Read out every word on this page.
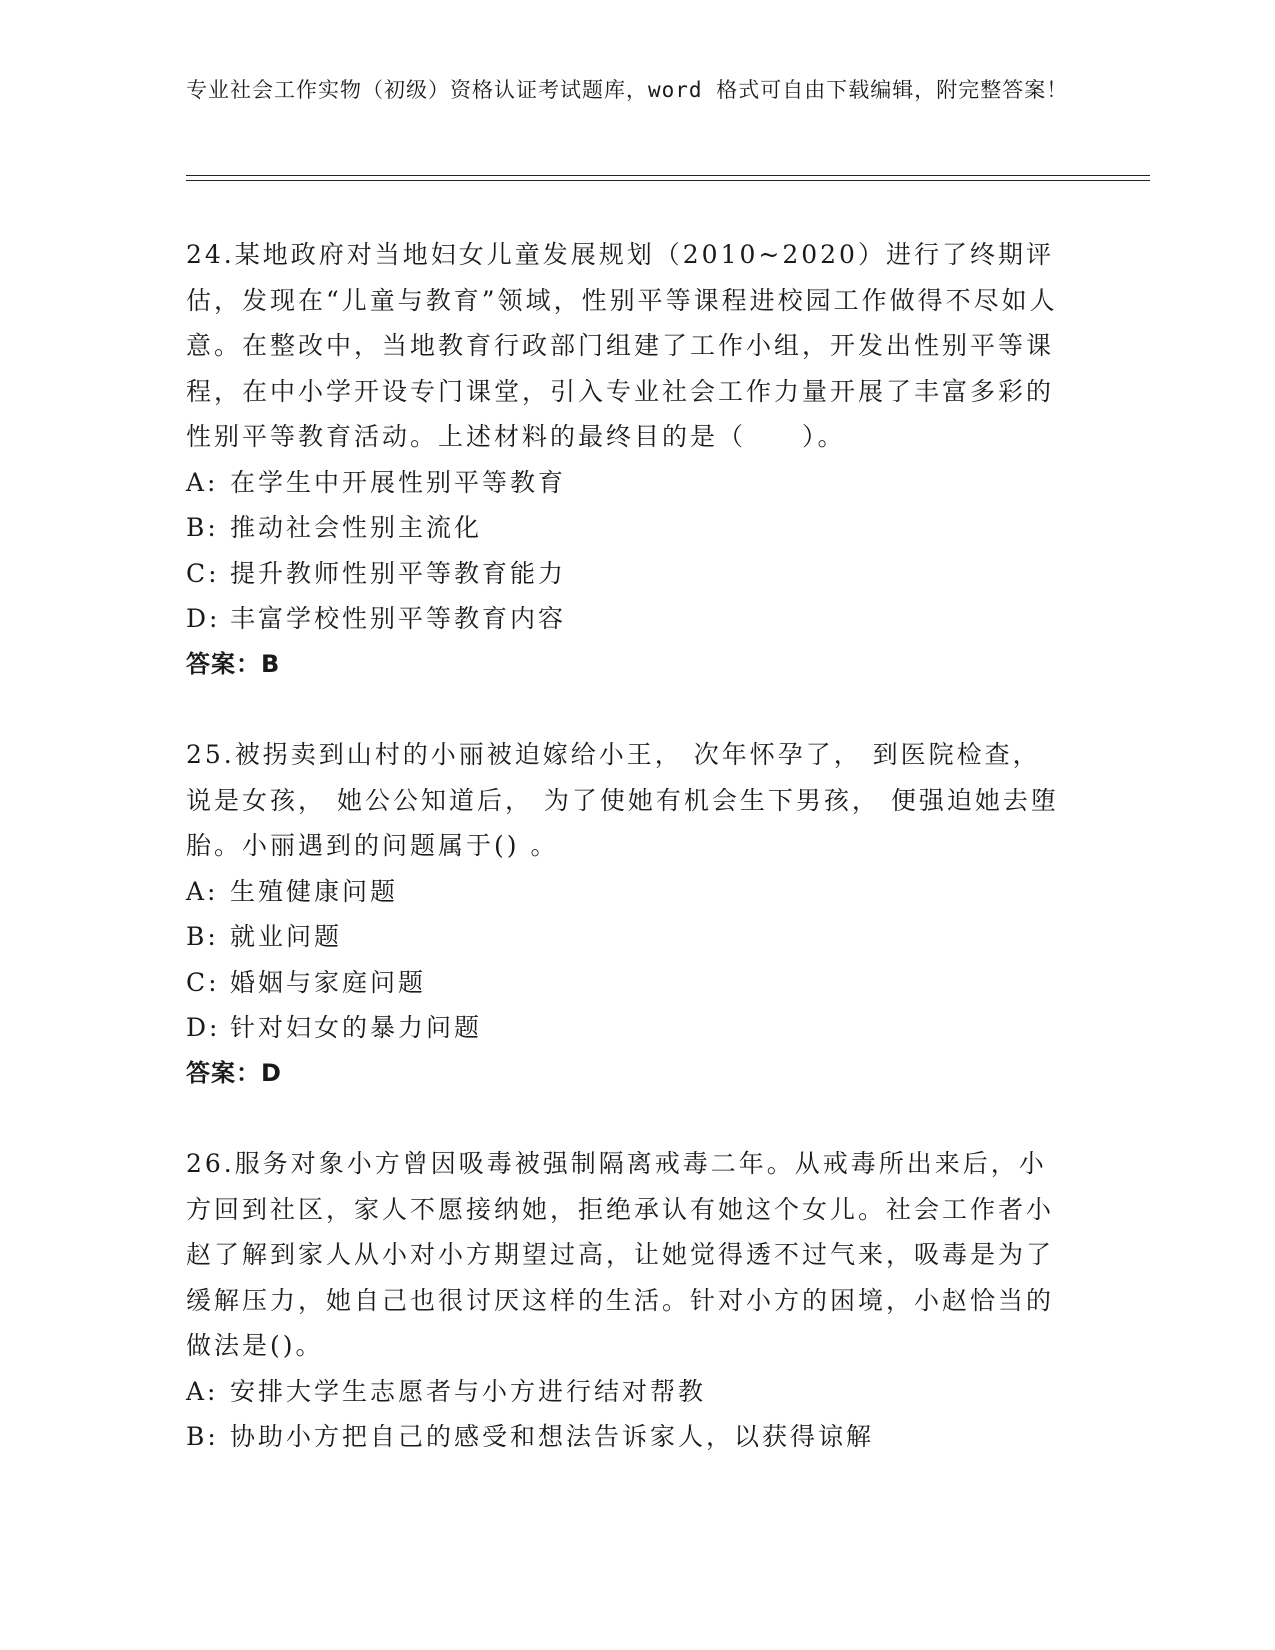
专业社会工作实物（初级）资格认证考试题库，word 格式可自由下载编辑，附完整答案！

24.某地政府对当地妇女儿童发展规划（2010~2020）进行了终期评估，发现在“儿童与教育”领域，性别平等课程进校园工作做得不尽如人意。在整改中，当地教育行政部门组建了工作小组，开发出性别平等课程，在中小学开设专门课堂，引入专业社会工作力量开展了丰富多彩的性别平等教育活动。上述材料的最终目的是（　　）。

A: 在学生中开展性别平等教育
B: 推动社会性别主流化
C: 提升教师性别平等教育能力
D: 丰富学校性别平等教育内容

答案：B

25.被拐卖到山村的小丽被迫嫁给小王， 次年怀孕了， 到医院检查，说是女孩， 她公公知道后， 为了使她有机会生下男孩， 便强迫她去堕胎。小丽遇到的问题属于() 。

A: 生殖健康问题
B: 就业问题
C: 婚姻与家庭问题
D: 针对妇女的暴力问题

答案：D

26.服务对象小方曾因吸毒被强制隔离戒毒二年。从戒毒所出来后，小方回到社区，家人不愿接纳她，拒绝承认有她这个女儿。社会工作者小赵了解到家人从小对小方期望过高，让她觉得透不过气来，吸毒是为了缓解压力，她自己也很讨厌这样的生活。针对小方的困境，小赵恰当的做法是()。

A: 安排大学生志愿者与小方进行结对帮教
B: 协助小方把自己的感受和想法告诉家人，以获得谅解
